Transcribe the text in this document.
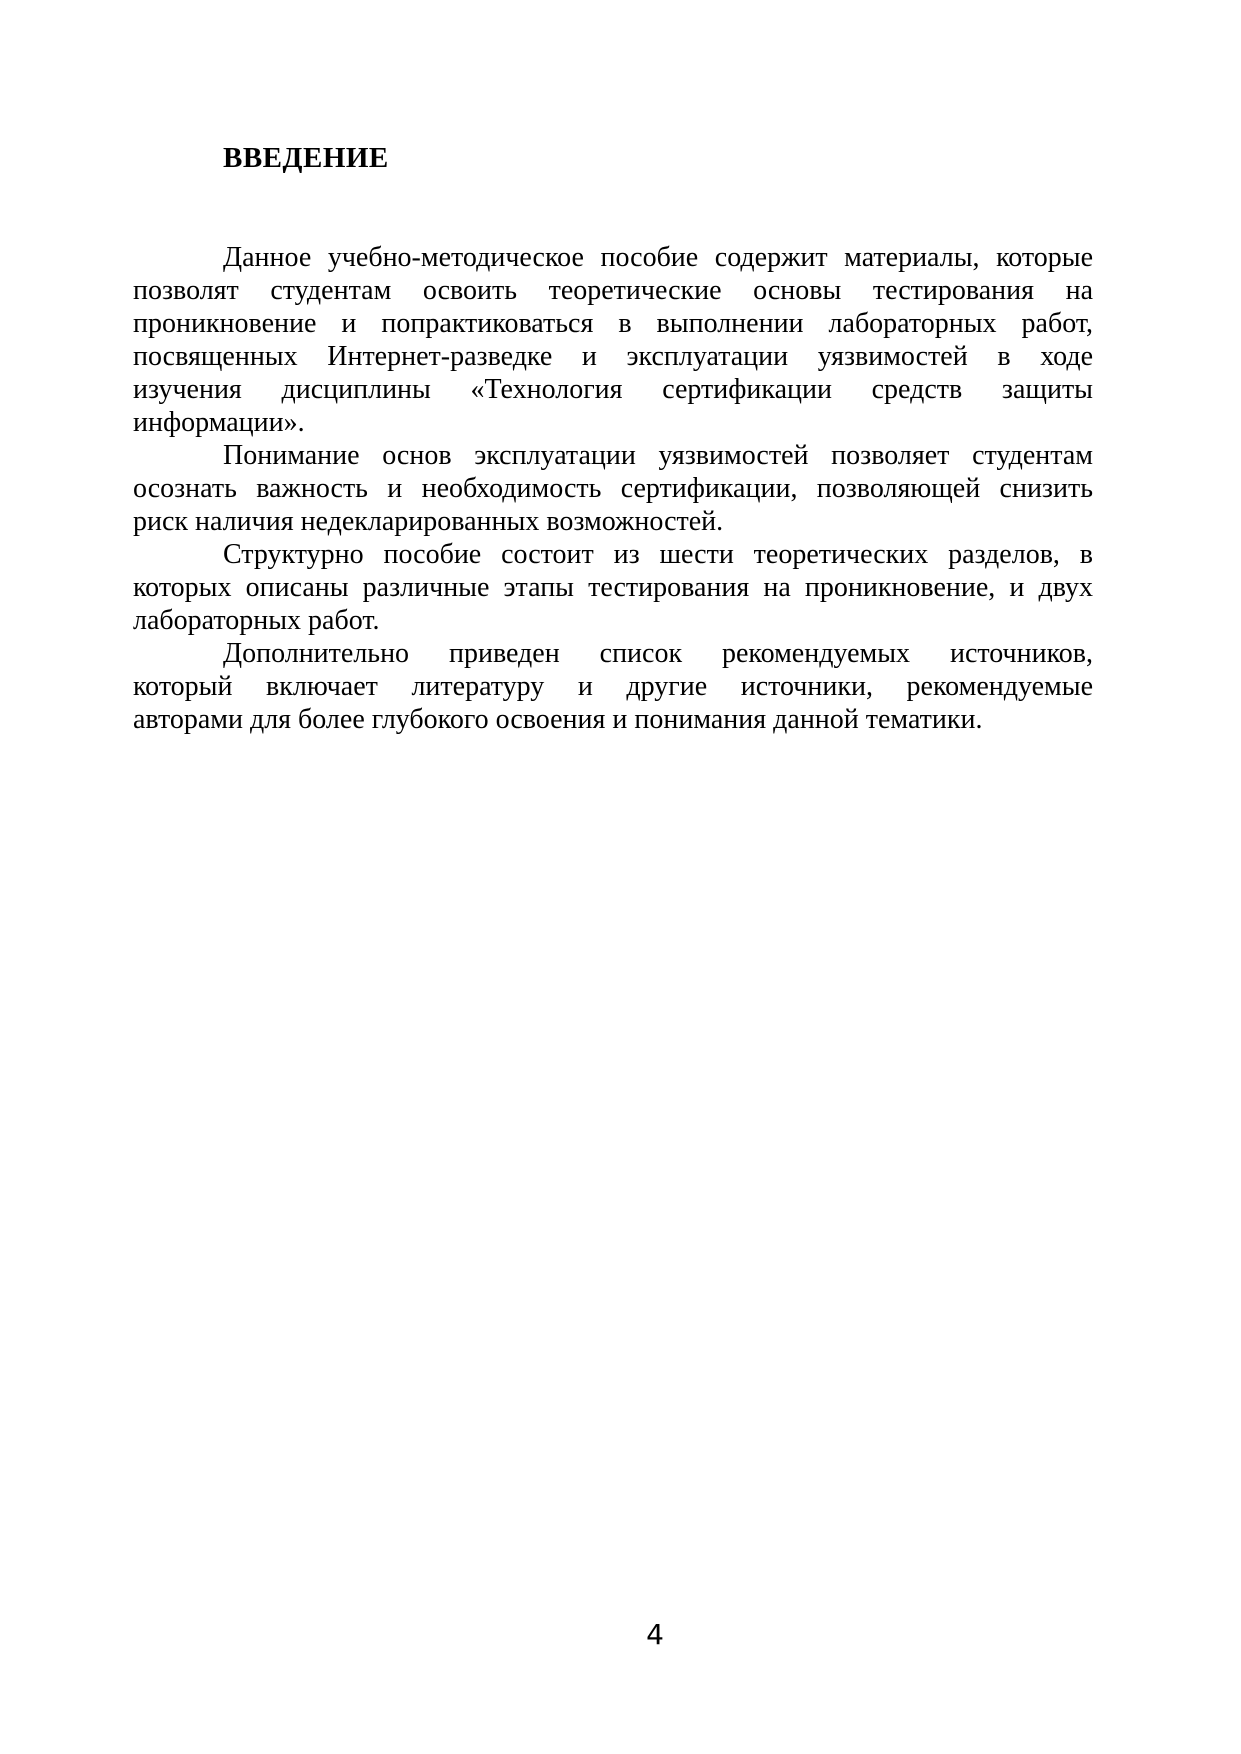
ВВЕДЕНИЕ
Данное учебно-методическое пособие содержит материалы, которые
позволят студентам освоить теоретические основы тестирования на
проникновение и попрактиковаться в выполнении лабораторных работ,
посвященных Интернет-разведке и эксплуатации уязвимостей в ходе
изучения дисциплины «Технология сертификации средств защиты
информации».
Понимание основ эксплуатации уязвимостей позволяет студентам
осознать важность и необходимость сертификации, позволяющей снизить
риск наличия недекларированных возможностей.
Структурно пособие состоит из шести теоретических разделов, в
которых описаны различные этапы тестирования на проникновение, и двух
лабораторных работ.
Дополнительно приведен список рекомендуемых источников,
который включает литературу и другие источники, рекомендуемые
авторами для более глубокого освоения и понимания данной тематики.
4
